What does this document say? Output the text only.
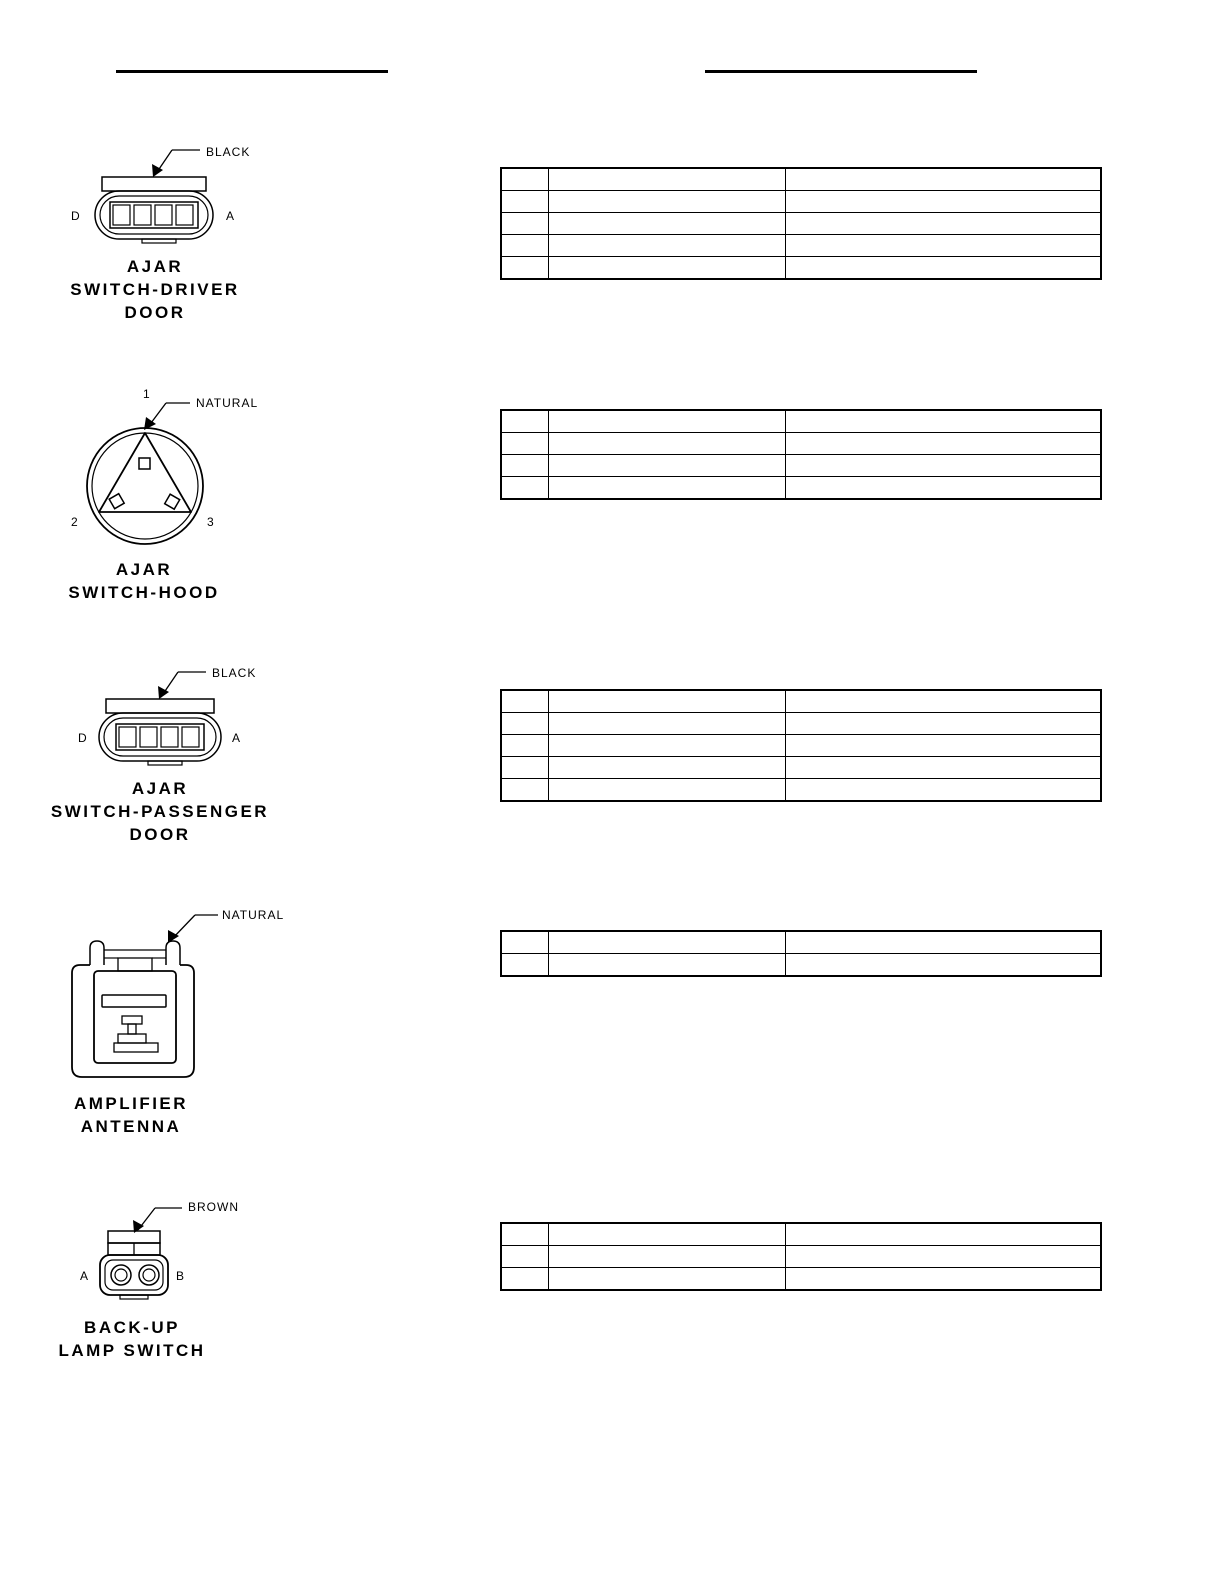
BLACK
D	A
AJAR
SWITCH-DRIVER
DOOR

NATURAL
1
2	3
AJAR
SWITCH-HOOD

BLACK
D	A
AJAR
SWITCH-PASSENGER
DOOR

NATURAL
AMPLIFIER
ANTENNA

BROWN
A	B
BACK-UP
LAMP SWITCH
